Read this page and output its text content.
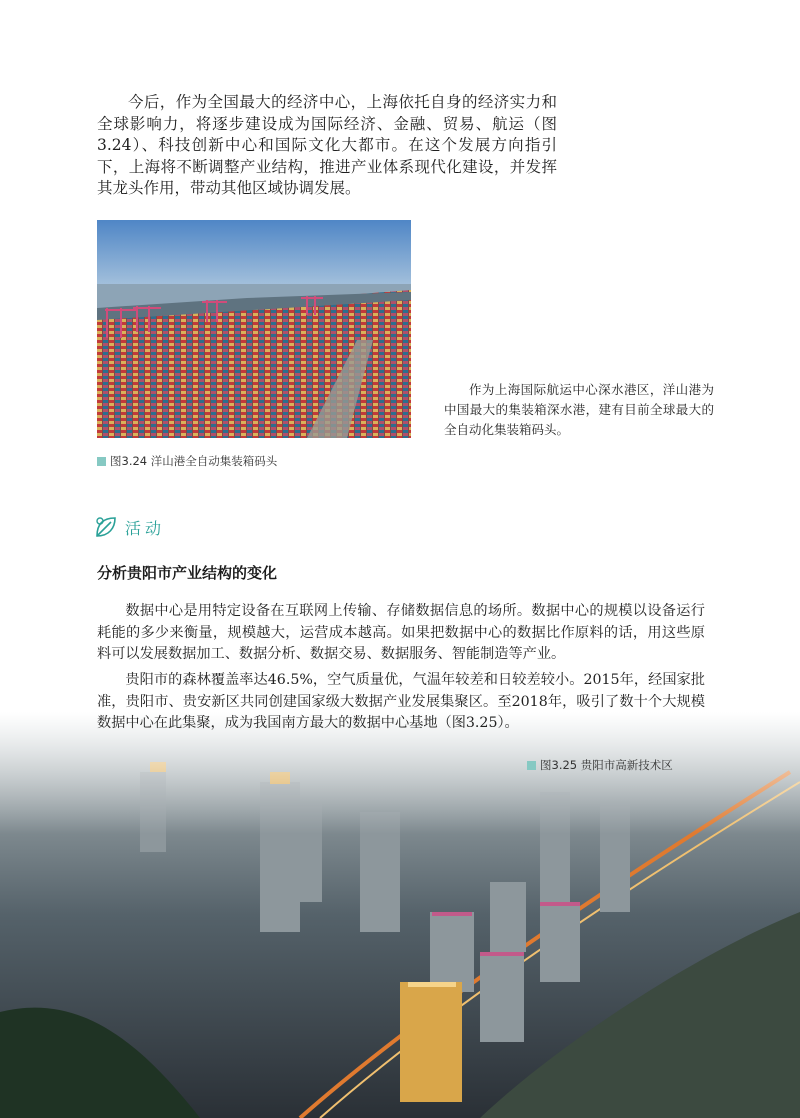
今后，作为全国最大的经济中心，上海依托自身的经济实力和全球影响力，将逐步建设成为国际经济、金融、贸易、航运（图3.24）、科技创新中心和国际文化大都市。在这个发展方向指引下，上海将不断调整产业结构，推进产业体系现代化建设，并发挥其龙头作用，带动其他区域协调发展。

作为上海国际航运中心深水港区，洋山港为中国最大的集装箱深水港，建有目前全球最大的全自动化集装箱码头。

图3.24 洋山港全自动集装箱码头
活动

分析贵阳市产业结构的变化

数据中心是用特定设备在互联网上传输、存储数据信息的场所。数据中心的规模以设备运行耗能的多少来衡量，规模越大，运营成本越高。如果把数据中心的数据比作原料的话，用这些原料可以发展数据加工、数据分析、数据交易、数据服务、智能制造等产业。

贵阳市的森林覆盖率达46.5%，空气质量优，气温年较差和日较差较小。2015年，经国家批准，贵阳市、贵安新区共同创建国家级大数据产业发展集聚区。至2018年，吸引了数十个大规模数据中心在此集聚，成为我国南方最大的数据中心基地（图3.25）。

图3.25 贵阳市高新技术区
